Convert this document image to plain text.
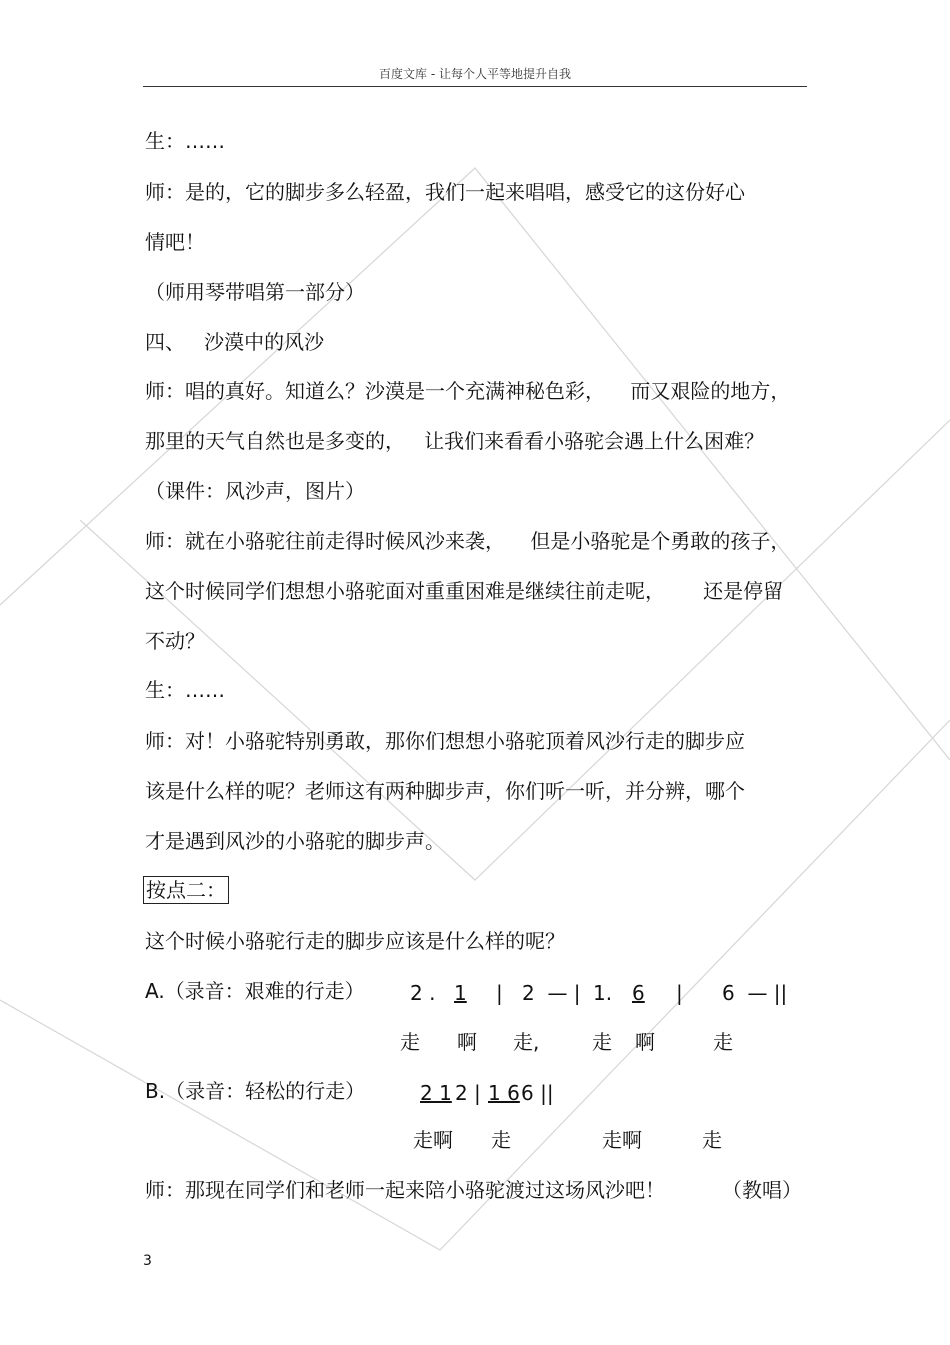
百度文库 - 让每个人平等地提升自我
生：……
师：是的，它的脚步多么轻盈，我们一起来唱唱，感受它的这份好心
情吧！
（师用琴带唱第一部分）
四、   沙漠中的风沙
师：唱的真好。知道么？沙漠是一个充满神秘色彩，    而又艰险的地方，
那里的天气自然也是多变的，   让我们来看看小骆驼会遇上什么困难？
（课件：风沙声，图片）
师：就在小骆驼往前走得时候风沙来袭，    但是小骆驼是个勇敢的孩子，
这个时候同学们想想小骆驼面对重重困难是继续往前走呢，      还是停留
不动？
生：……
师：对！小骆驼特别勇敢，那你们想想小骆驼顶着风沙行走的脚步应
该是什么样的呢？老师这有两种脚步声，你们听一听，并分辨，哪个
才是遇到风沙的小骆驼的脚步声。
按点二：
这个时候小骆驼行走的脚步应该是什么样的呢？
A.（录音：艰难的行走） 2 . 1 | 2  — | 1. 6 | 6  — ||
走 啊 走,	走 啊	走
B.（录音：轻松的行走）	2 1 2 | 1 6 6 ||
走啊 走	走啊	走
师：那现在同学们和老师一起来陪小骆驼渡过这场风沙吧！	（教唱）
3
